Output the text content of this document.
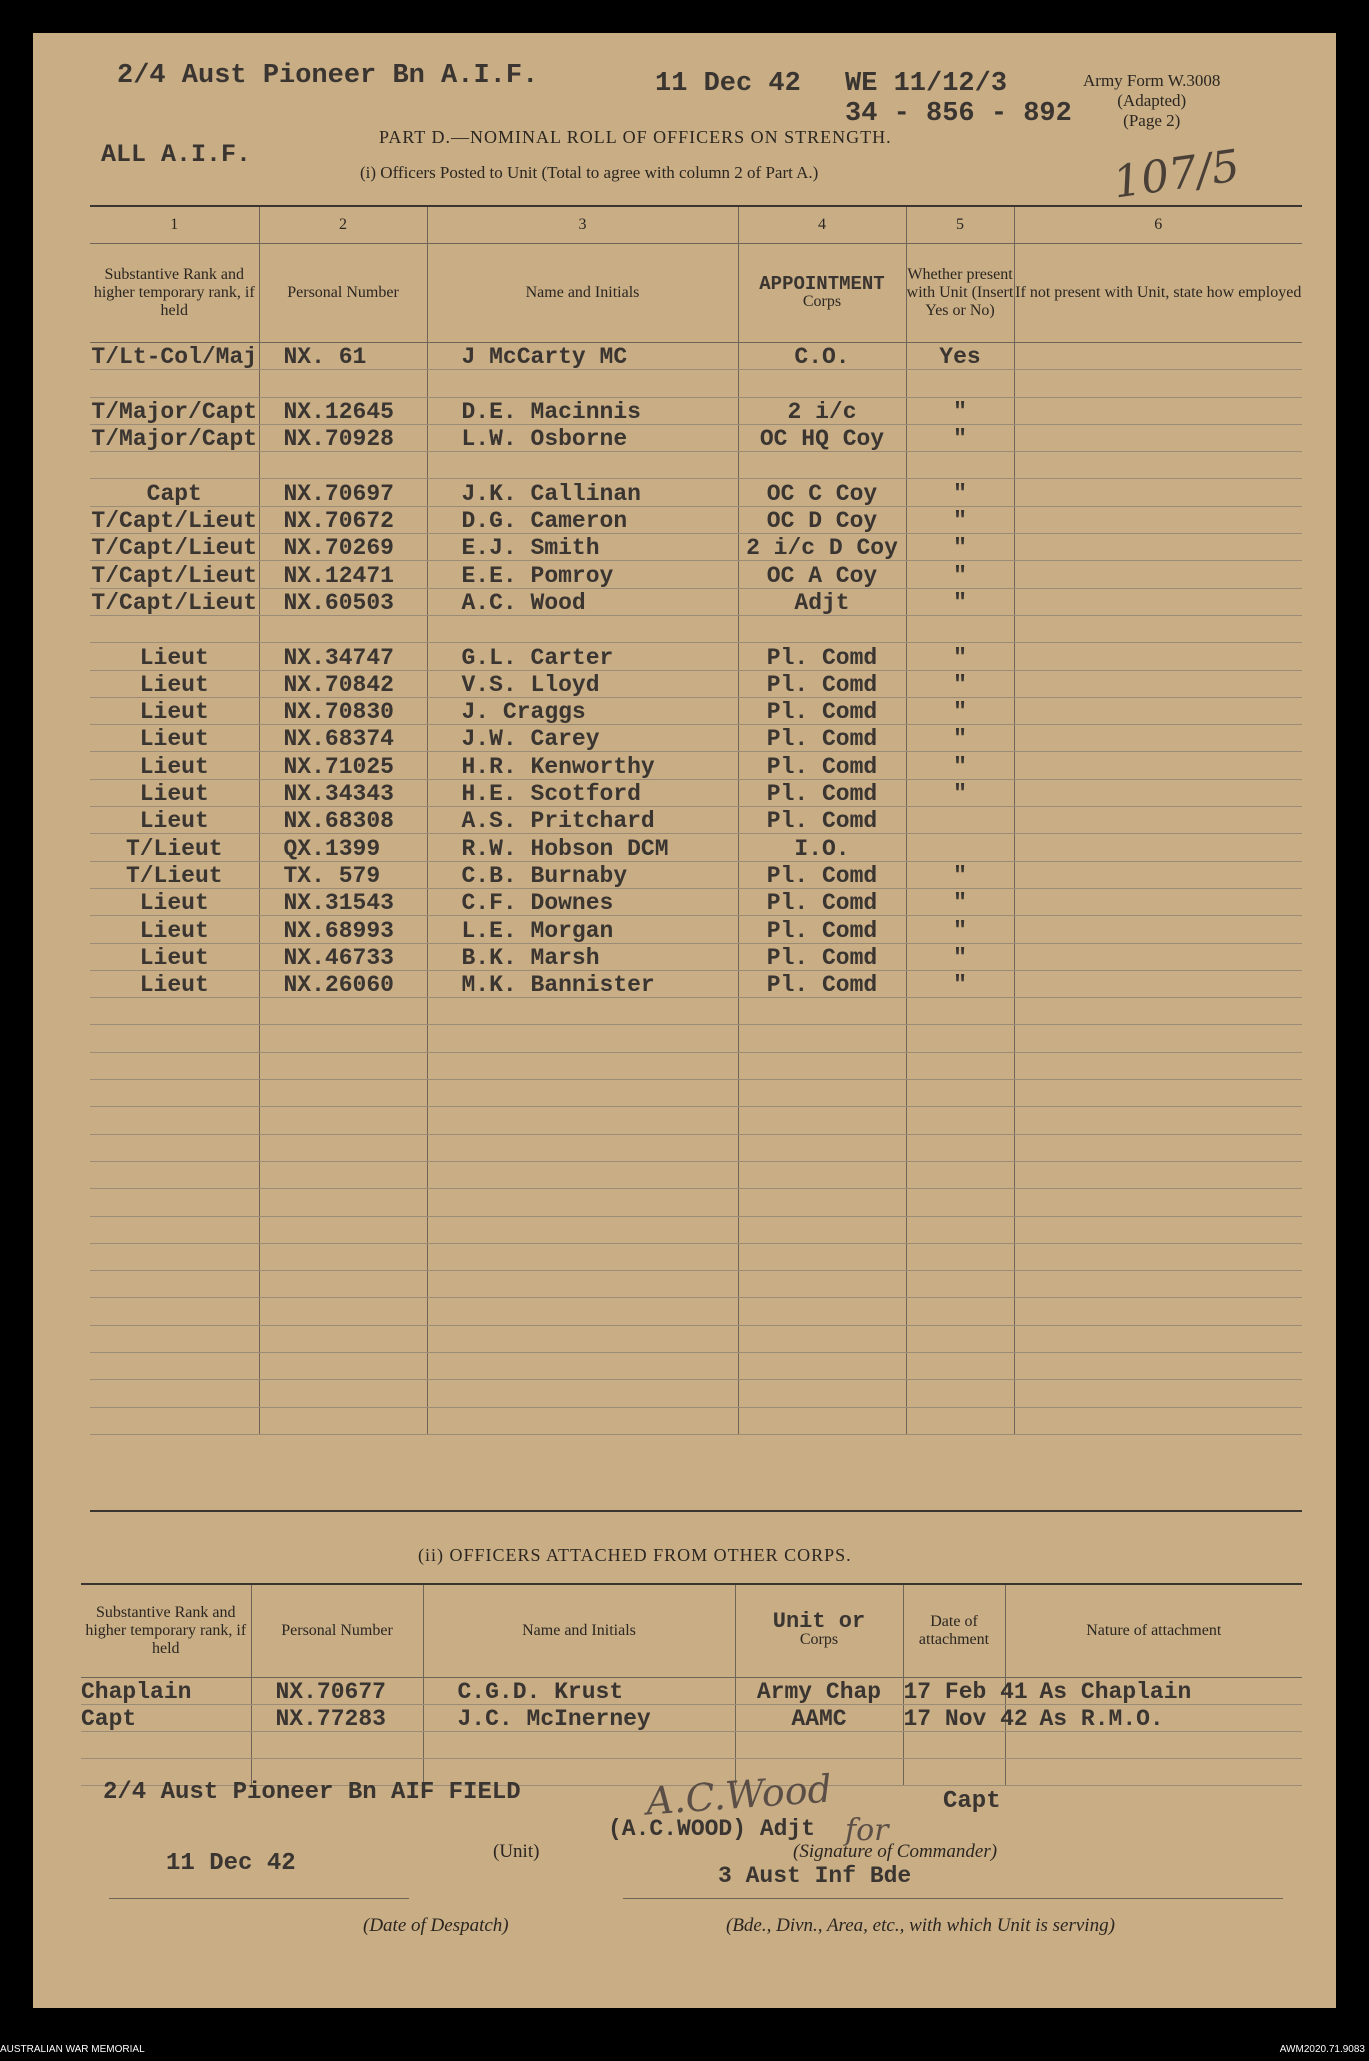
2/4 Aust Pioneer Bn A.I.F.	11 Dec 42 WE 11/12/3
34 - 856 - 892
Army Form W.3008
(Adapted)
(Page 2)
ALL A.I.F.
PART D.—NOMINAL ROLL OF OFFICERS ON STRENGTH.
(i) Officers Posted to Unit (Total to agree with column 2 of Part A.)	107/5
1	2	3	4	5	6
Substantive Rank and higher temporary rank, if held	Personal Number	Name and Initials	APPOINTMENT
Corps	Whether present with Unit (Insert Yes or No)	If not present with Unit, state how employed
T/Lt-Col/Maj	NX. 61	J McCarty MC	C.O.	Yes	

T/Major/Capt	NX.12645	D.E. Macinnis	2 i/c	"	
T/Major/Capt	NX.70928	L.W. Osborne	OC HQ Coy	"	

Capt	NX.70697	J.K. Callinan	OC C Coy	"	
T/Capt/Lieut	NX.70672	D.G. Cameron	OC D Coy	"	
T/Capt/Lieut	NX.70269	E.J. Smith	2 i/c D Coy	"	
T/Capt/Lieut	NX.12471	E.E. Pomroy	OC A Coy	"	
T/Capt/Lieut	NX.60503	A.C. Wood	Adjt	"	

Lieut	NX.34747	G.L. Carter	Pl. Comd	"	
Lieut	NX.70842	V.S. Lloyd	Pl. Comd	"	
Lieut	NX.70830	J. Craggs	Pl. Comd	"	
Lieut	NX.68374	J.W. Carey	Pl. Comd	"	
Lieut	NX.71025	H.R. Kenworthy	Pl. Comd	"	
Lieut	NX.34343	H.E. Scotford	Pl. Comd	"	
Lieut	NX.68308	A.S. Pritchard	Pl. Comd		
T/Lieut	QX.1399	R.W. Hobson DCM	I.O.		
T/Lieut	TX. 579	C.B. Burnaby	Pl. Comd	"	
Lieut	NX.31543	C.F. Downes	Pl. Comd	"	
Lieut	NX.68993	L.E. Morgan	Pl. Comd	"	
Lieut	NX.46733	B.K. Marsh	Pl. Comd	"	
Lieut	NX.26060	M.K. Bannister	Pl. Comd	"	

(ii) OFFICERS ATTACHED FROM OTHER CORPS.
Substantive Rank and higher temporary rank, if held	Personal Number	Name and Initials	Unit or
Corps	Date of attachment	Nature of attachment
Chaplain	NX.70677	C.G.D. Krust	Army Chap	17 Feb 41	As Chaplain
Capt	NX.77283	J.C. McInerney	AAMC	17 Nov 42	As R.M.O.

2/4 Aust Pioneer Bn AIF FIELD	A.C.Wood	Capt
(A.C.WOOD) Adjt for
(Unit)	(Signature of Commander)
11 Dec 42	3 Aust Inf Bde
(Date of Despatch)	(Bde., Divn., Area, etc., with which Unit is serving)
AUSTRALIAN WAR MEMORIAL	AWM2020.71.9083
